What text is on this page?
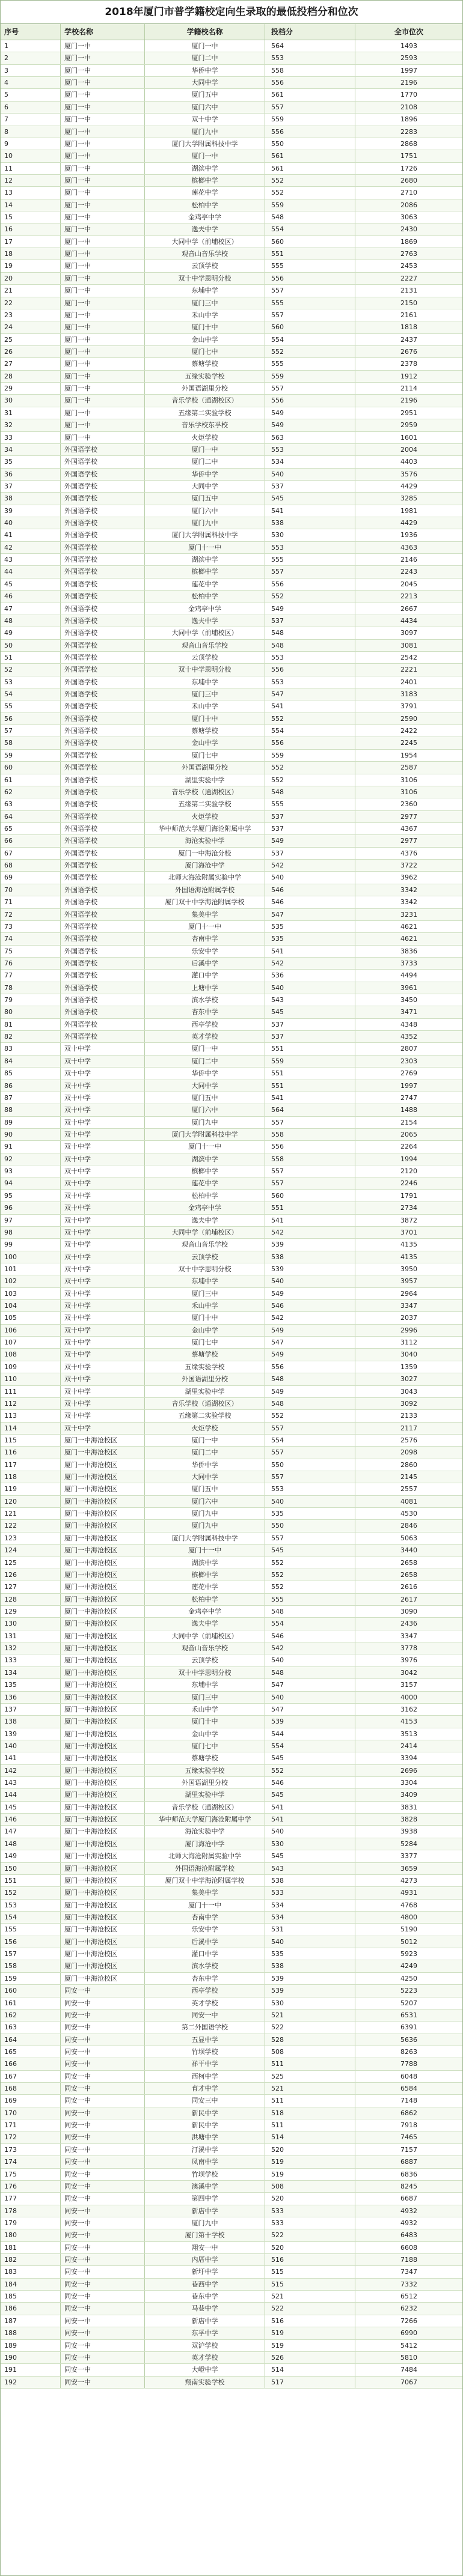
2018年厦门市普学籍校定向生录取的最低投档分和位次
序号	学校名称	学籍校名称	投档分	全市位次
1	厦门一中	厦门一中	564	1493
2	厦门一中	厦门二中	553	2593
3	厦门一中	华侨中学	558	1997
4	厦门一中	大同中学	556	2196
5	厦门一中	厦门五中	561	1770
6	厦门一中	厦门六中	557	2108
7	厦门一中	双十中学	559	1896
8	厦门一中	厦门九中	556	2283
9	厦门一中	厦门大学附属科技中学	550	2868
10	厦门一中	厦门一中	561	1751
11	厦门一中	湖滨中学	561	1726
12	厦门一中	槟榔中学	552	2680
13	厦门一中	莲花中学	552	2710
14	厦门一中	松柏中学	559	2086
15	厦门一中	金鸡亭中学	548	3063
16	厦门一中	逸夫中学	554	2430
17	厦门一中	大同中学（前埔校区）	560	1869
18	厦门一中	观音山音乐学校	551	2763
19	厦门一中	云顶学校	555	2453
20	厦门一中	双十中学思明分校	556	2227
21	厦门一中	东埔中学	557	2131
22	厦门一中	厦门三中	555	2150
23	厦门一中	禾山中学	557	2161
24	厦门一中	厦门十中	560	1818
25	厦门一中	金山中学	554	2437
26	厦门一中	厦门七中	552	2676
27	厦门一中	蔡塘学校	555	2378
28	厦门一中	五缘实验学校	559	1912
29	厦门一中	外国语湖里分校	557	2114
30	厦门一中	音乐学校（通湖校区）	556	2196
31	厦门一中	五缘第二实验学校	549	2951
32	厦门一中	音乐学校东孚校	549	2959
33	厦门一中	火炬学校	563	1601
34	外国语学校	厦门一中	553	2004
35	外国语学校	厦门二中	534	4403
36	外国语学校	华侨中学	540	3576
37	外国语学校	大同中学	537	4429
38	外国语学校	厦门五中	545	3285
39	外国语学校	厦门六中	541	1981
40	外国语学校	厦门九中	538	4429
41	外国语学校	厦门大学附属科技中学	530	1936
42	外国语学校	厦门十一中	553	4363
43	外国语学校	湖滨中学	555	2146
44	外国语学校	槟榔中学	557	2243
45	外国语学校	莲花中学	556	2045
46	外国语学校	松柏中学	552	2213
47	外国语学校	金鸡亭中学	549	2667
48	外国语学校	逸夫中学	537	4434
49	外国语学校	大同中学（前埔校区）	548	3097
50	外国语学校	观音山音乐学校	548	3081
51	外国语学校	云顶学校	553	2542
52	外国语学校	双十中学思明分校	556	2221
53	外国语学校	东埔中学	553	2401
54	外国语学校	厦门三中	547	3183
55	外国语学校	禾山中学	541	3791
56	外国语学校	厦门十中	552	2590
57	外国语学校	蔡塘学校	554	2422
58	外国语学校	金山中学	556	2245
59	外国语学校	厦门七中	559	1954
60	外国语学校	外国语湖里分校	552	2587
61	外国语学校	湖里实验中学	552	3106
62	外国语学校	音乐学校（通湖校区）	548	3106
63	外国语学校	五缘第二实验学校	555	2360
64	外国语学校	火炬学校	537	2977
65	外国语学校	华中师范大学厦门海沧附属中学	537	4367
66	外国语学校	海沧实验中学	549	2977
67	外国语学校	厦门一中海沧分校	537	4376
68	外国语学校	厦门海沧中学	542	3722
69	外国语学校	北师大海沧附属实验中学	540	3962
70	外国语学校	外国语海沧附属学校	546	3342
71	外国语学校	厦门双十中学海沧附属学校	546	3342
72	外国语学校	集美中学	547	3231
73	外国语学校	厦门十一中	535	4621
74	外国语学校	杏南中学	535	4621
75	外国语学校	乐安中学	541	3836
76	外国语学校	后溪中学	542	3733
77	外国语学校	灌口中学	536	4494
78	外国语学校	上塘中学	540	3961
79	外国语学校	滨水学校	543	3450
80	外国语学校	杏东中学	545	3471
81	外国语学校	西亭学校	537	4348
82	外国语学校	英才学校	537	4352
83	双十中学	厦门一中	551	2807
84	双十中学	厦门二中	559	2303
85	双十中学	华侨中学	551	2769
86	双十中学	大同中学	551	1997
87	双十中学	厦门五中	541	2747
88	双十中学	厦门六中	564	1488
89	双十中学	厦门九中	557	2154
90	双十中学	厦门大学附属科技中学	558	2065
91	双十中学	厦门十一中	556	2264
92	双十中学	湖滨中学	558	1994
93	双十中学	槟榔中学	557	2120
94	双十中学	莲花中学	557	2246
95	双十中学	松柏中学	560	1791
96	双十中学	金鸡亭中学	551	2734
97	双十中学	逸夫中学	541	3872
98	双十中学	大同中学（前埔校区）	542	3701
99	双十中学	观音山音乐学校	539	4135
100	双十中学	云顶学校	538	4135
101	双十中学	双十中学思明分校	539	3950
102	双十中学	东埔中学	540	3957
103	双十中学	厦门三中	549	2964
104	双十中学	禾山中学	546	3347
105	双十中学	厦门十中	542	2037
106	双十中学	金山中学	549	2996
107	双十中学	厦门七中	547	3112
108	双十中学	蔡塘学校	549	3040
109	双十中学	五缘实验学校	556	1359
110	双十中学	外国语湖里分校	548	3027
111	双十中学	湖里实验中学	549	3043
112	双十中学	音乐学校（通湖校区）	548	3092
113	双十中学	五缘第二实验学校	552	2133
114	双十中学	火炬学校	557	2117
115	厦门一中海沧校区	厦门一中	554	2576
116	厦门一中海沧校区	厦门二中	557	2098
117	厦门一中海沧校区	华侨中学	550	2860
118	厦门一中海沧校区	大同中学	557	2145
119	厦门一中海沧校区	厦门五中	553	2557
120	厦门一中海沧校区	厦门六中	540	4081
121	厦门一中海沧校区	厦门九中	535	4530
122	厦门一中海沧校区	厦门九中	550	2846
123	厦门一中海沧校区	厦门大学附属科技中学	557	5063
124	厦门一中海沧校区	厦门十一中	545	3440
125	厦门一中海沧校区	湖滨中学	552	2658
126	厦门一中海沧校区	槟榔中学	552	2658
127	厦门一中海沧校区	莲花中学	552	2616
128	厦门一中海沧校区	松柏中学	555	2617
129	厦门一中海沧校区	金鸡亭中学	548	3090
130	厦门一中海沧校区	逸夫中学	554	2436
131	厦门一中海沧校区	大同中学（前埔校区）	546	3347
132	厦门一中海沧校区	观音山音乐学校	542	3778
133	厦门一中海沧校区	云顶学校	540	3976
134	厦门一中海沧校区	双十中学思明分校	548	3042
135	厦门一中海沧校区	东埔中学	547	3157
136	厦门一中海沧校区	厦门三中	540	4000
137	厦门一中海沧校区	禾山中学	547	3162
138	厦门一中海沧校区	厦门十中	539	4153
139	厦门一中海沧校区	金山中学	544	3513
140	厦门一中海沧校区	厦门七中	554	2414
141	厦门一中海沧校区	蔡塘学校	545	3394
142	厦门一中海沧校区	五缘实验学校	552	2696
143	厦门一中海沧校区	外国语湖里分校	546	3304
144	厦门一中海沧校区	湖里实验中学	545	3409
145	厦门一中海沧校区	音乐学校（通湖校区）	541	3831
146	厦门一中海沧校区	华中师范大学厦门海沧附属中学	541	3828
147	厦门一中海沧校区	海沧实验中学	540	3938
148	厦门一中海沧校区	厦门海沧中学	530	5284
149	厦门一中海沧校区	北师大海沧附属实验中学	545	3377
150	厦门一中海沧校区	外国语海沧附属学校	543	3659
151	厦门一中海沧校区	厦门双十中学海沧附属学校	538	4273
152	厦门一中海沧校区	集美中学	533	4931
153	厦门一中海沧校区	厦门十一中	534	4768
154	厦门一中海沧校区	杏南中学	534	4800
155	厦门一中海沧校区	乐安中学	531	5190
156	厦门一中海沧校区	后溪中学	540	5012
157	厦门一中海沧校区	灌口中学	535	5923
158	厦门一中海沧校区	滨水学校	538	4249
159	厦门一中海沧校区	杏东中学	539	4250
160	同安一中	西亭学校	539	5223
161	同安一中	英才学校	530	5207
162	同安一中	同安一中	521	6531
163	同安一中	第二外国语学校	522	6391
164	同安一中	五显中学	528	5636
165	同安一中	竹坝学校	508	8263
166	同安一中	祥平中学	511	7788
167	同安一中	西柯中学	525	6048
168	同安一中	育才中学	521	6584
169	同安一中	同安三中	511	7148
170	同安一中	新民中学	518	6862
171	同安一中	新民中学	511	7918
172	同安一中	洪塘中学	514	7465
173	同安一中	汀溪中学	520	7157
174	同安一中	凤南中学	519	6887
175	同安一中	竹坝学校	519	6836
176	同安一中	澳溪中学	508	8245
177	同安一中	第四中学	520	6687
178	同安一中	新店中学	533	4932
179	同安一中	厦门九中	533	4932
180	同安一中	厦门第十学校	522	6483
181	同安一中	翔安一中	520	6608
182	同安一中	内厝中学	516	7188
183	同安一中	新圩中学	515	7347
184	同安一中	巷西中学	515	7332
185	同安一中	巷东中学	521	6512
186	同安一中	马巷中学	522	6232
187	同安一中	新店中学	516	7266
188	同安一中	东孚中学	519	6990
189	同安一中	双沪学校	519	5412
190	同安一中	英才学校	526	5810
191	同安一中	大嶝中学	514	7484
192	同安一中	翔南实验学校	517	7067
